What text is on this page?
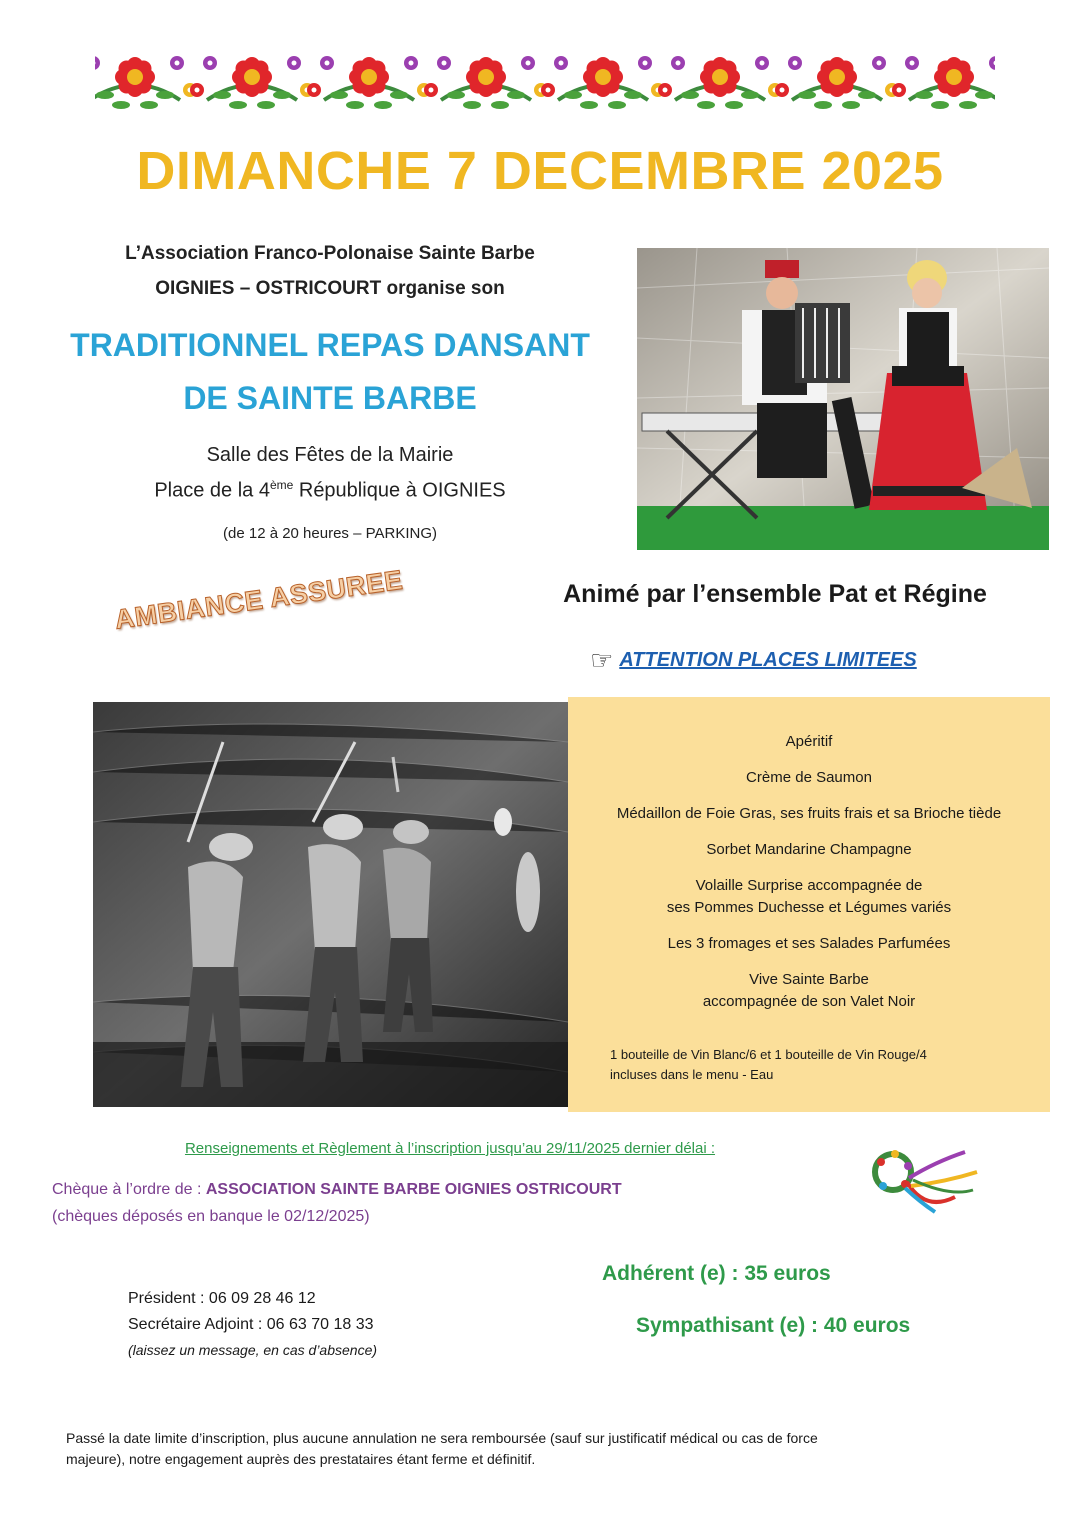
DIMANCHE 7 DECEMBRE 2025
L’Association Franco-Polonaise Sainte Barbe
OIGNIES – OSTRICOURT organise son
TRADITIONNEL REPAS DANSANT
DE SAINTE BARBE
Salle des Fêtes de la Mairie
Place de la 4ème République à OIGNIES
(de 12 à 20 heures – PARKING)
AMBIANCE ASSUREE	Animé par l’ensemble Pat et Régine
☞ ATTENTION PLACES LIMITEES
Apéritif
Crème de Saumon
Médaillon de Foie Gras, ses fruits frais et sa Brioche tiède
Sorbet Mandarine Champagne
Volaille Surprise accompagnée de
ses Pommes Duchesse et Légumes variés
Les 3 fromages et ses Salades Parfumées
Vive Sainte Barbe
accompagnée de son Valet Noir
1 bouteille de Vin Blanc/6 et 1 bouteille de Vin Rouge/4
incluses dans le menu - Eau
Renseignements et Règlement à l’inscription jusqu’au 29/11/2025 dernier délai :
Chèque à l’ordre de : ASSOCIATION SAINTE BARBE OIGNIES OSTRICOURT
(chèques déposés en banque le 02/12/2025)
Adhérent (e) : 35 euros
Sympathisant (e) : 40 euros
Président : 06 09 28 46 12
Secrétaire Adjoint : 06 63 70 18 33
(laissez un message, en cas d’absence)
Passé la date limite d’inscription, plus aucune annulation ne sera remboursée (sauf sur justificatif médical ou cas de force
majeure), notre engagement auprès des prestataires étant ferme et définitif.
